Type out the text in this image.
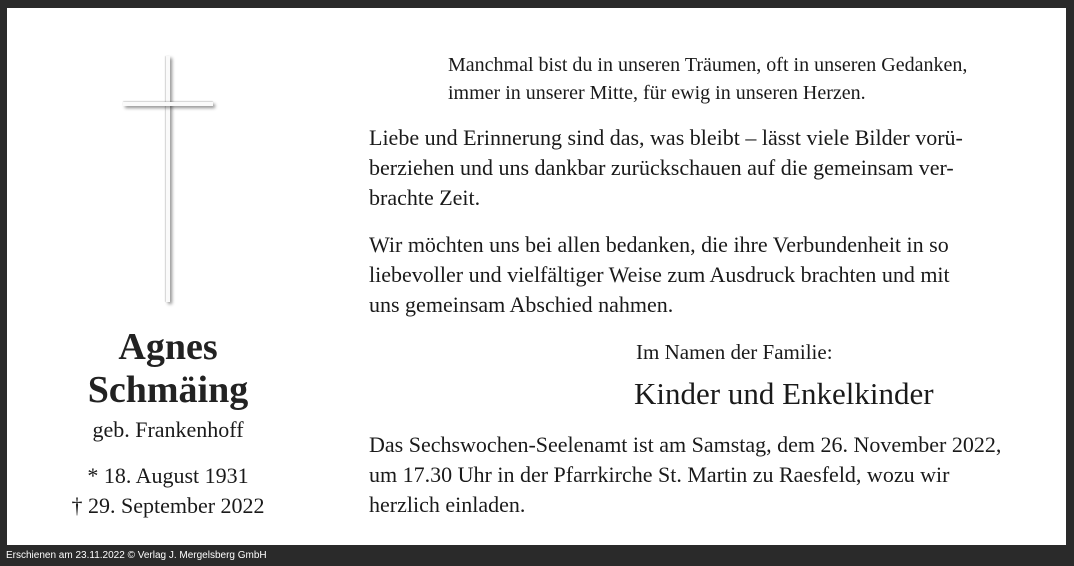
Agnes
Schmäing
geb. Frankenhoff
* 18. August 1931
† 29. September 2022
Manchmal bist du in unseren Träumen, oft in unseren Gedanken,
immer in unserer Mitte, für ewig in unseren Herzen.
Liebe und Erinnerung sind das, was bleibt – lässt viele Bilder vorü-
berziehen und uns dankbar zurückschauen auf die gemeinsam ver-
brachte Zeit.
Wir möchten uns bei allen bedanken, die ihre Verbundenheit in so
liebevoller und vielfältiger Weise zum Ausdruck brachten und mit
uns gemeinsam Abschied nahmen.
Im Namen der Familie:
Kinder und Enkelkinder
Das Sechswochen-Seelenamt ist am Samstag, dem 26. November 2022,
um 17.30 Uhr in der Pfarrkirche St. Martin zu Raesfeld, wozu wir
herzlich einladen.
Erschienen am 23.11.2022 © Verlag J. Mergelsberg GmbH
